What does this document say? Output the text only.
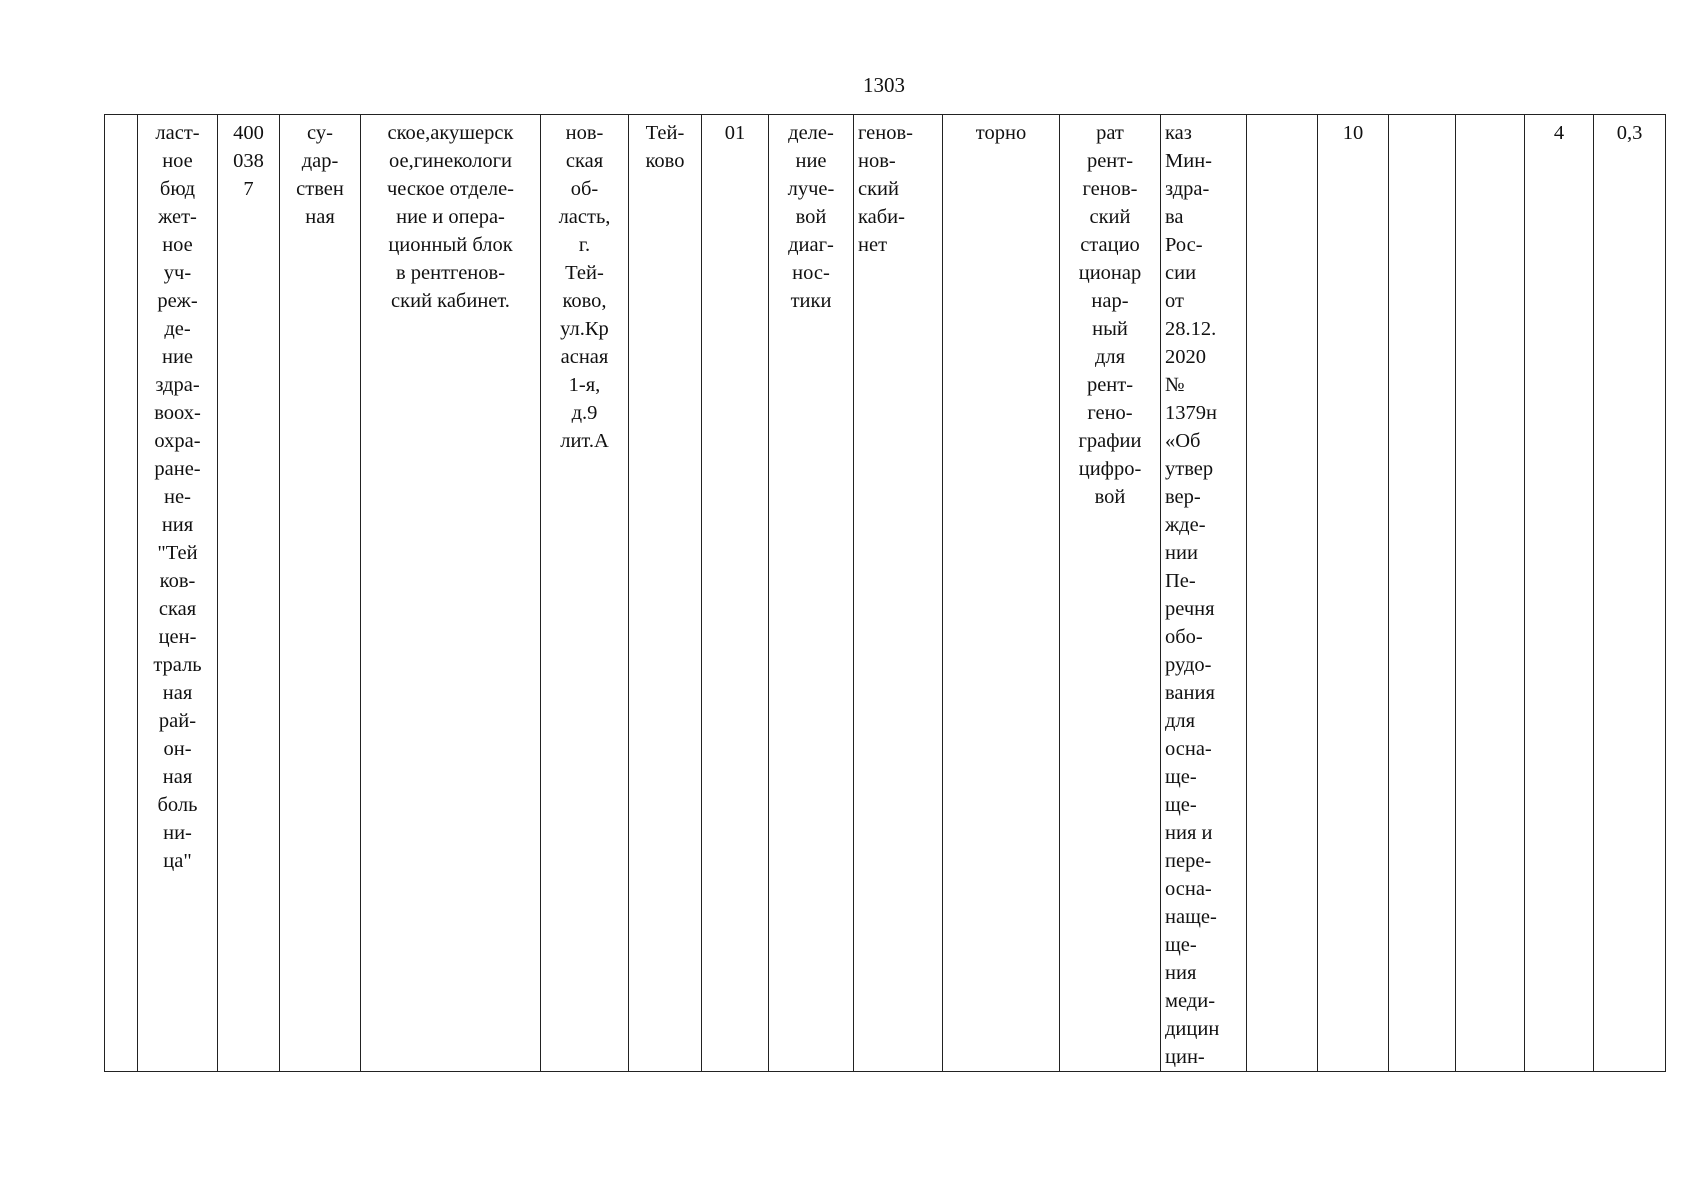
1303
	ласт-
ное
бюд
жет-
ное
уч-
реж-
де-
ние
здра-
воох-
охра-
ране-
не-
ния
"Тей
ков-
ская
цен-
траль
ная
рай-
он-
ная
боль
ни-
ца"	400
038
7	су-
дар-
ствен
ная	ское,акушерск
ое,гинекологи
ческое отделе-
ние и опера-
ционный блок
в рентгенов-
ский кабинет.	нов-
ская
об-
ласть,
г.
Тей-
ково,
ул.Кр
асная
1-я,
д.9
лит.А	Тей-
ково	01	деле-
ние
луче-
вой
диаг-
нос-
тики	генов-
нов-
ский
каби-
нет	торно	рат
рент-
генов-
ский
стацио
ционар
нар-
ный
для
рент-
гено-
графии
цифро-
вой	каз
Мин-
здра-
ва
Рос-
сии
от
28.12.
2020
№
1379н
«Об
утвер
вер-
жде-
нии
Пе-
речня
обо-
рудо-
вания
для
осна-
ще-
ще-
ния и
пере-
осна-
наще-
ще-
ния
меди-
дицин
цин-		10			4	0,3
